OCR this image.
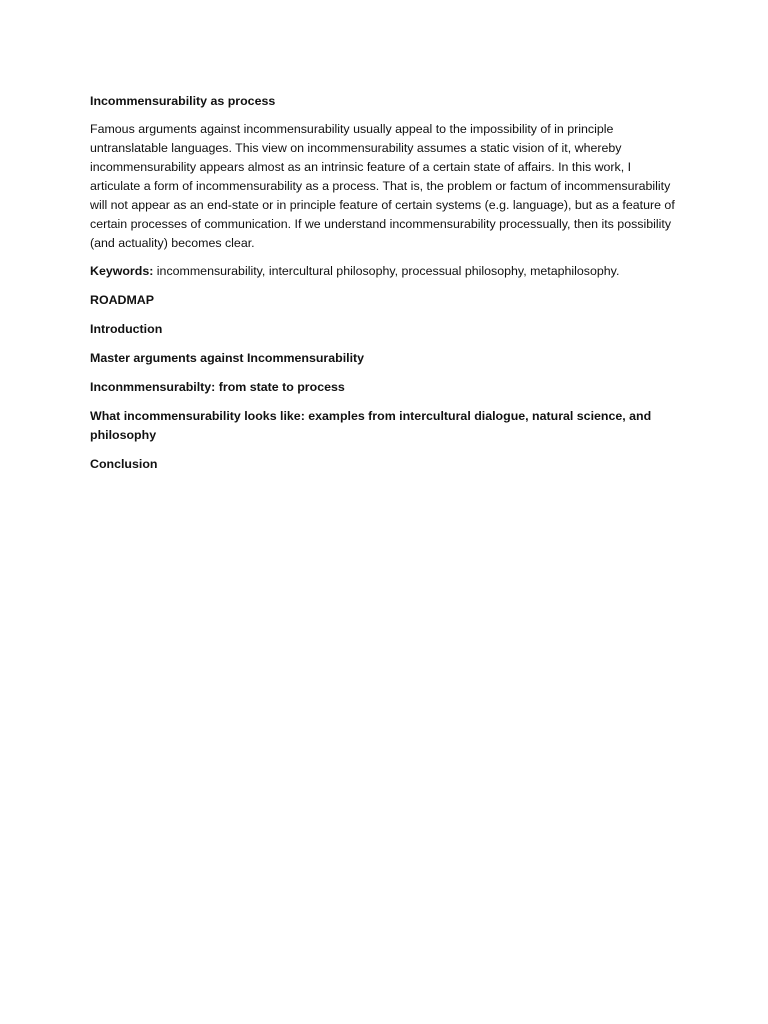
Incommensurability as process
Famous arguments against incommensurability usually appeal to the impossibility of in principle untranslatable languages. This view on incommensurability assumes a static vision of it, whereby incommensurability appears almost as an intrinsic feature of a certain state of affairs. In this work, I articulate a form of incommensurability as a process. That is, the problem or factum of incommensurability will not appear as an end-state or in principle feature of certain systems (e.g. language), but as a feature of certain processes of communication. If we understand incommensurability processually, then its possibility (and actuality) becomes clear.
Keywords: incommensurability, intercultural philosophy, processual philosophy, metaphilosophy.
ROADMAP
Introduction
Master arguments against Incommensurability
Inconmmensurabilty: from state to process
What incommensurability looks like: examples from intercultural dialogue, natural science, and philosophy
Conclusion
